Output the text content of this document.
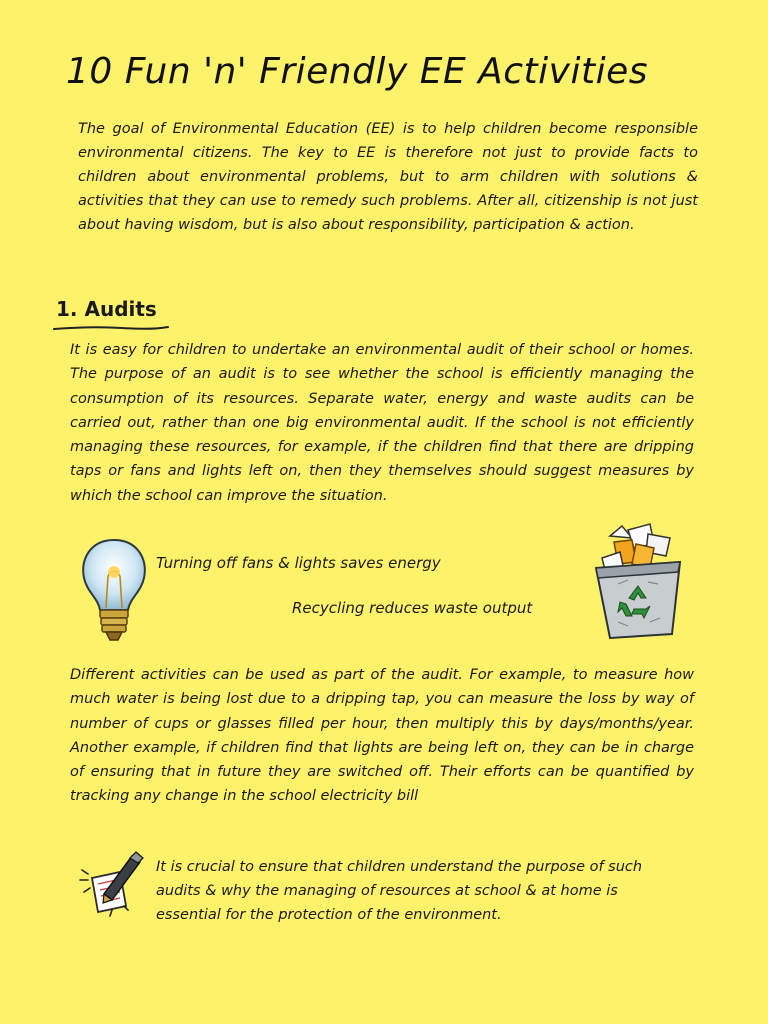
10 Fun 'n' Friendly EE Activities
The goal of Environmental Education (EE) is to help children become responsible environmental citizens. The key to EE is therefore not just to provide facts to children about environmental problems, but to arm children with solutions & activities that they can use to remedy such problems. After all, citizenship is not just about having wisdom, but is also about responsibility, participation & action.
1. Audits
It is easy for children to undertake an environmental audit of their school or homes. The purpose of an audit is to see whether the school is efficiently managing the consumption of its resources. Separate water, energy and waste audits can be carried out, rather than one big environmental audit. If the school is not efficiently managing these resources, for example, if the children find that there are dripping taps or fans and lights left on, then they themselves should suggest measures by which the school can improve the situation.
Turning off fans & lights saves energy
Recycling reduces waste output
Different activities can be used as part of the audit. For example, to measure how much water is being lost due to a dripping tap, you can measure the loss by way of number of cups or glasses filled per hour, then multiply this by days/months/year. Another example, if children find that lights are being left on, they can be in charge of ensuring that in future they are switched off. Their efforts can be quantified by tracking any change in the school electricity bill
It is crucial to ensure that children understand the purpose of such audits & why the managing of resources at school & at home is essential for the protection of the environment.
